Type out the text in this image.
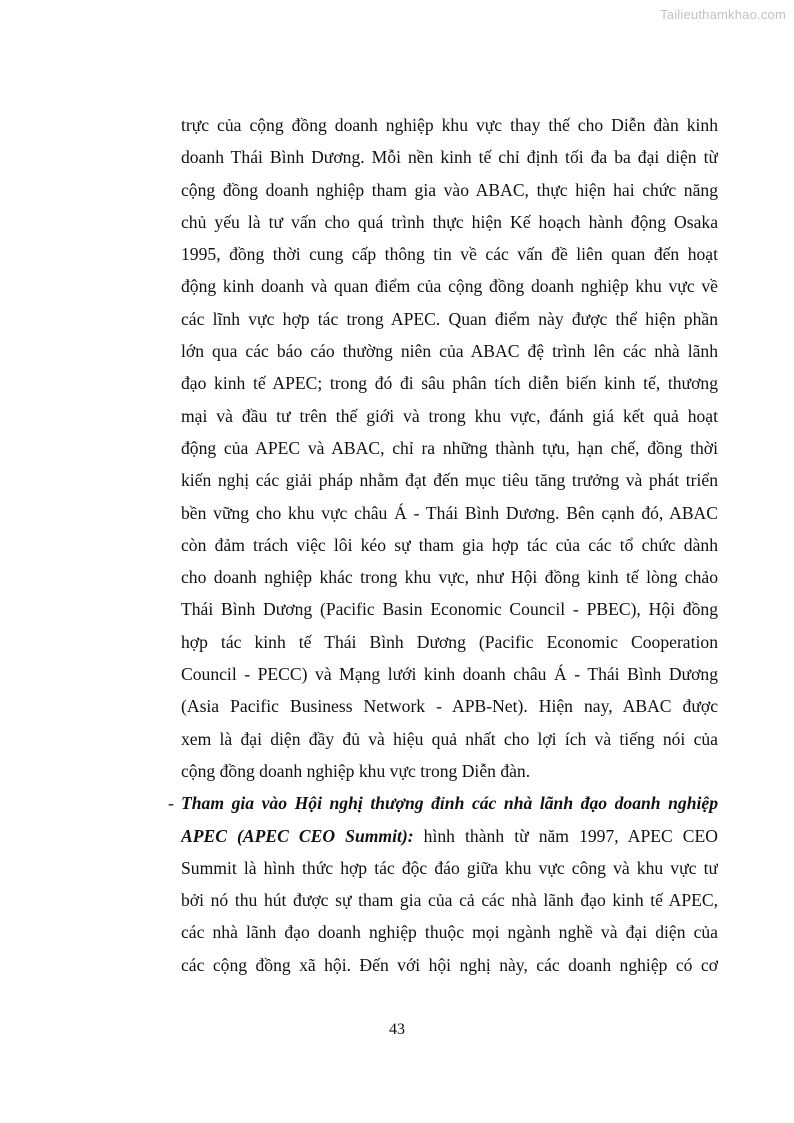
Tailieuthamkhao.com
trực của cộng đồng doanh nghiệp khu vực thay thế cho Diễn đàn kinh
doanh Thái Bình Dương. Mỗi nền kinh tế chỉ định tối đa ba đại diện từ
cộng đồng doanh nghiệp tham gia vào ABAC, thực hiện hai chức năng
chủ yếu là tư vấn cho quá trình thực hiện Kế hoạch hành động Osaka
1995, đồng thời cung cấp thông tin về các vấn đề liên quan đến hoạt
động kinh doanh và quan điểm của cộng đồng doanh nghiệp khu vực về
các lĩnh vực hợp tác trong APEC. Quan điểm này được thể hiện phần
lớn qua các báo cáo thường niên của ABAC đệ trình lên các nhà lãnh
đạo kinh tế APEC; trong đó đi sâu phân tích diễn biến kinh tế, thương
mại và đầu tư trên thế giới và trong khu vực, đánh giá kết quả hoạt
động của APEC và ABAC, chỉ ra những thành tựu, hạn chế, đồng thời
kiến nghị các giải pháp nhằm đạt đến mục tiêu tăng trưởng và phát triển
bền vững cho khu vực châu Á - Thái Bình Dương. Bên cạnh đó, ABAC
còn đảm trách việc lôi kéo sự tham gia hợp tác của các tổ chức dành
cho doanh nghiệp khác trong khu vực, như Hội đồng kinh tế lòng chảo
Thái Bình Dương (Pacific Basin Economic Council - PBEC), Hội đồng
hợp tác kinh tế Thái Bình Dương (Pacific Economic Cooperation
Council - PECC) và Mạng lưới kinh doanh châu Á - Thái Bình Dương
(Asia Pacific Business Network - APB-Net). Hiện nay, ABAC được
xem là đại diện đầy đủ và hiệu quả nhất cho lợi ích và tiếng nói của
cộng đồng doanh nghiệp khu vực trong Diễn đàn.
- Tham gia vào Hội nghị thượng đỉnh các nhà lãnh đạo doanh nghiệp
APEC (APEC CEO Summit): hình thành từ năm 1997, APEC CEO
Summit là hình thức hợp tác độc đáo giữa khu vực công và khu vực tư
bởi nó thu hút được sự tham gia của cả các nhà lãnh đạo kinh tế APEC,
các nhà lãnh đạo doanh nghiệp thuộc mọi ngành nghề và đại diện của
các cộng đồng xã hội. Đến với hội nghị này, các doanh nghiệp có cơ
43
